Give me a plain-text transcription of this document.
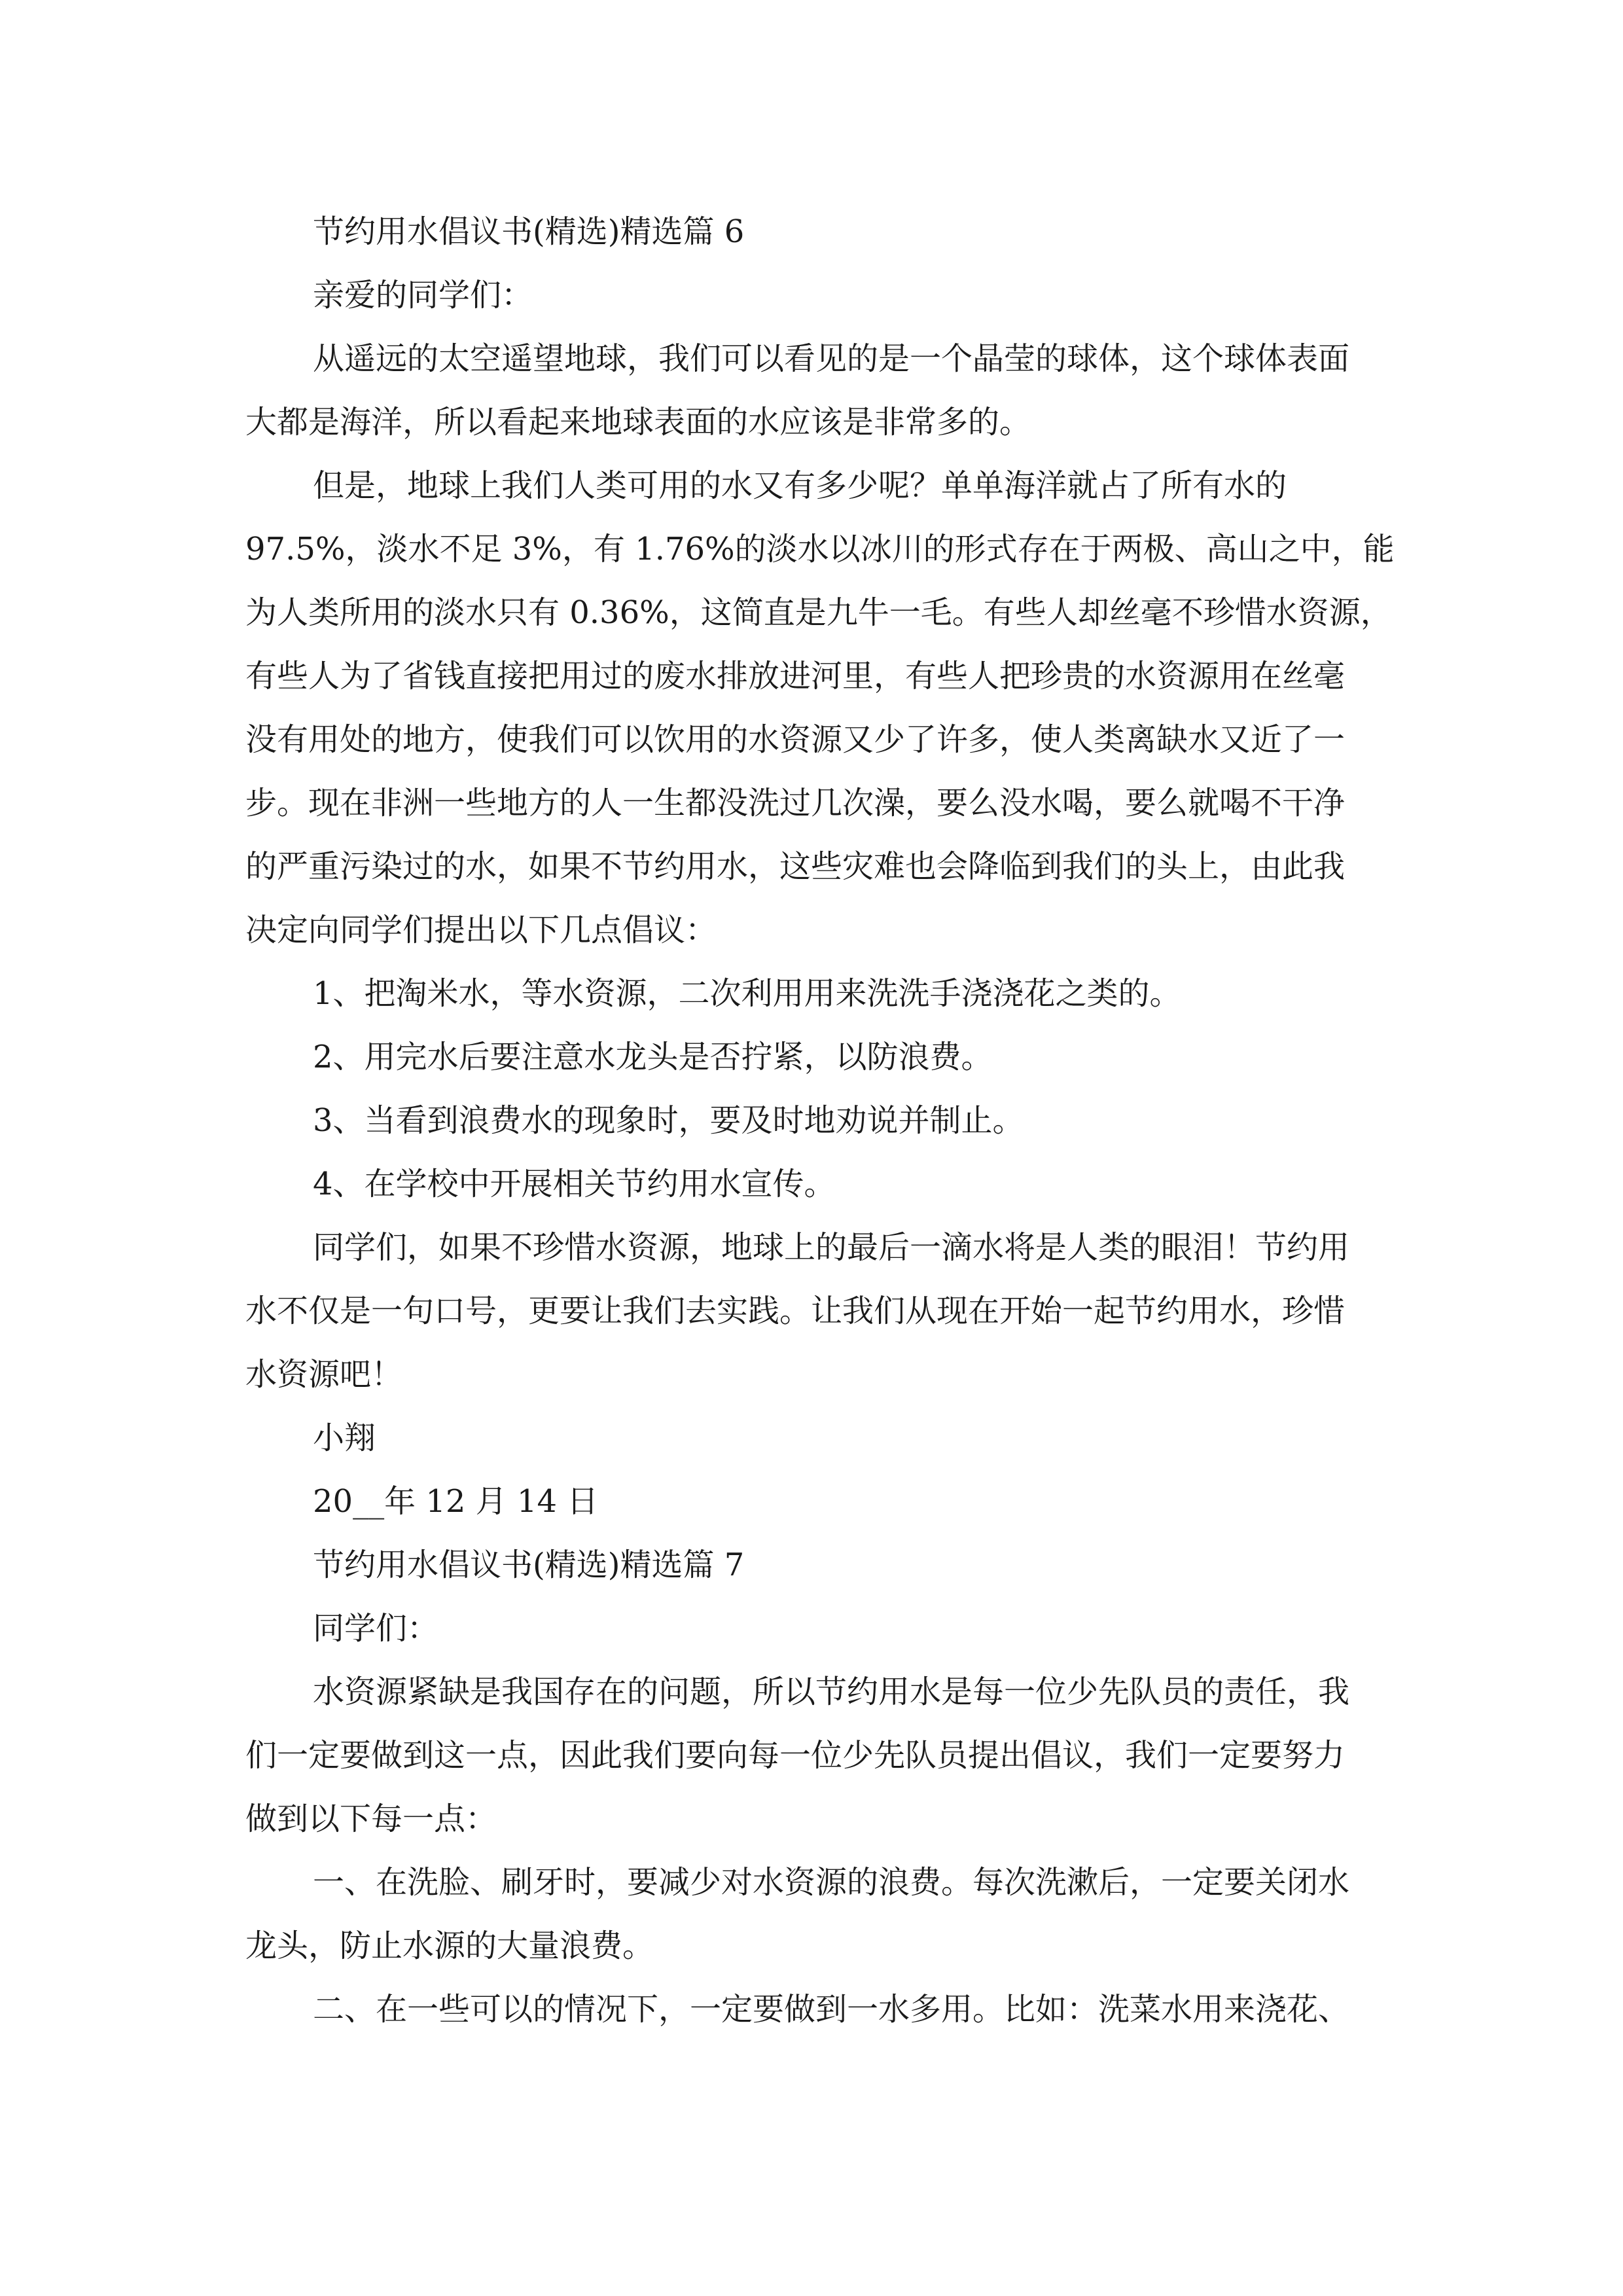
节约用水倡议书(精选)精选篇 6
亲爱的同学们：
从遥远的太空遥望地球，我们可以看见的是一个晶莹的球体，这个球体表面
大都是海洋，所以看起来地球表面的水应该是非常多的。
但是，地球上我们人类可用的水又有多少呢？单单海洋就占了所有水的
97.5%，淡水不足 3%，有 1.76%的淡水以冰川的形式存在于两极、高山之中，能
为人类所用的淡水只有 0.36%，这简直是九牛一毛。有些人却丝毫不珍惜水资源，
有些人为了省钱直接把用过的废水排放进河里，有些人把珍贵的水资源用在丝毫
没有用处的地方，使我们可以饮用的水资源又少了许多，使人类离缺水又近了一
步。现在非洲一些地方的人一生都没洗过几次澡，要么没水喝，要么就喝不干净
的严重污染过的水，如果不节约用水，这些灾难也会降临到我们的头上，由此我
决定向同学们提出以下几点倡议：
1、把淘米水，等水资源，二次利用用来洗洗手浇浇花之类的。
2、用完水后要注意水龙头是否拧紧，以防浪费。
3、当看到浪费水的现象时，要及时地劝说并制止。
4、在学校中开展相关节约用水宣传。
同学们，如果不珍惜水资源，地球上的最后一滴水将是人类的眼泪！节约用
水不仅是一句口号，更要让我们去实践。让我们从现在开始一起节约用水，珍惜
水资源吧！
小翔
20__年 12 月 14 日
节约用水倡议书(精选)精选篇 7
同学们：
水资源紧缺是我国存在的问题，所以节约用水是每一位少先队员的责任，我
们一定要做到这一点，因此我们要向每一位少先队员提出倡议，我们一定要努力
做到以下每一点：
一、在洗脸、刷牙时，要减少对水资源的浪费。每次洗漱后，一定要关闭水
龙头，防止水源的大量浪费。
二、在一些可以的情况下，一定要做到一水多用。比如：洗菜水用来浇花、
